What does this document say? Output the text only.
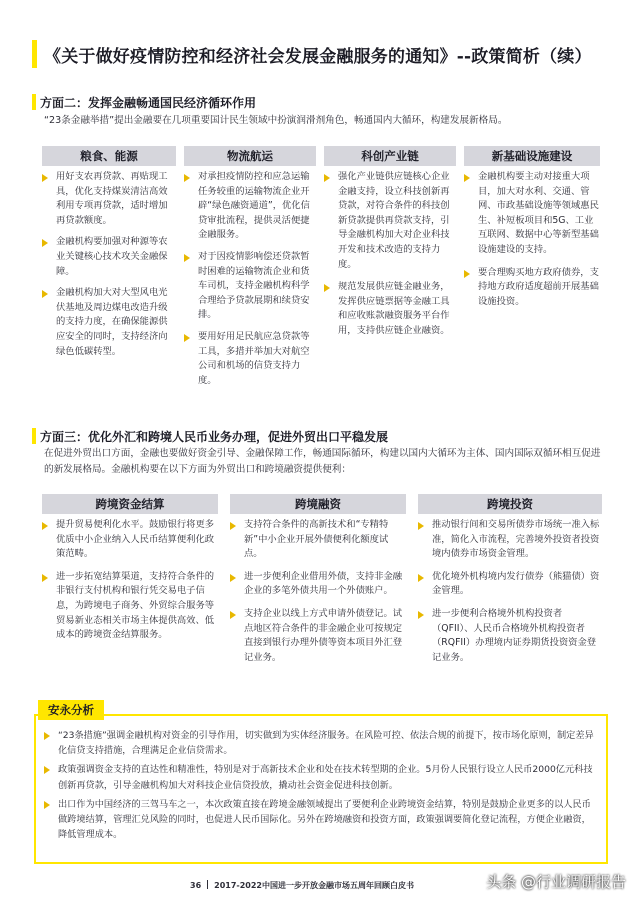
《关于做好疫情防控和经济社会发展金融服务的通知》--政策简析（续）
方面二：发挥金融畅通国民经济循环作用
“23条金融举措”提出金融要在几项重要国计民生领域中扮演润滑剂角色，畅通国内大循环，构建发展新格局。
粮食、能源	物流航运	科创产业链	新基础设施建设
用好支农再贷款、再贴现工具，优化支持煤炭清洁高效利用专项再贷款，适时增加再贷款额度。
金融机构要加强对种源等农业关键核心技术攻关金融保障。
金融机构加大对大型风电光伏基地及周边煤电改造升级的支持力度，在确保能源供应安全的同时，支持经济向绿色低碳转型。
对承担疫情防控和应急运输任务较重的运输物流企业开辟“绿色融资通道”，优化信贷审批流程，提供灵活便捷金融服务。
对于因疫情影响偿还贷款暂时困难的运输物流企业和货车司机，支持金融机构科学合理给予贷款展期和续贷安排。
要用好用足民航应急贷款等工具，多措并举加大对航空公司和机场的信贷支持力度。
强化产业链供应链核心企业金融支持，设立科技创新再贷款，对符合条件的科技创新贷款提供再贷款支持，引导金融机构加大对企业科技开发和技术改造的支持力度。
规范发展供应链金融业务，发挥供应链票据等金融工具和应收账款融资服务平台作用，支持供应链企业融资。
金融机构要主动对接重大项目，加大对水利、交通、管网、市政基础设施等领域惠民生、补短板项目和5G、工业互联网、数据中心等新型基础设施建设的支持。
要合理购买地方政府债券，支持地方政府适度超前开展基础设施投资。
方面三：优化外汇和跨境人民币业务办理，促进外贸出口平稳发展
在促进外贸出口方面，金融也要做好资金引导、金融保障工作，畅通国际循环，构建以国内大循环为主体、国内国际双循环相互促进的新发展格局。金融机构要在以下方面为外贸出口和跨境融资提供便利：
跨境资金结算	跨境融资	跨境投资
提升贸易便利化水平。鼓励银行将更多优质中小企业纳入人民币结算便利化政策范畴。
进一步拓宽结算渠道，支持符合条件的非银行支付机构和银行凭交易电子信息，为跨境电子商务、外贸综合服务等贸易新业态相关市场主体提供高效、低成本的跨境资金结算服务。
支持符合条件的高新技术和“专精特新”中小企业开展外债便利化额度试点。
进一步便利企业借用外债，支持非金融企业的多笔外债共用一个外债账户。
支持企业以线上方式申请外债登记。试点地区符合条件的非金融企业可按规定直接到银行办理外债等资本项目外汇登记业务。
推动银行间和交易所债券市场统一准入标准，简化入市流程，完善境外投资者投资境内债券市场资金管理。
优化境外机构境内发行债券（熊猫债）资金管理。
进一步便利合格境外机构投资者（QFII）、人民币合格境外机构投资者（RQFII）办理境内证券期货投资资金登记业务。
“23条措施”强调金融机构对资金的引导作用，切实做到为实体经济服务。在风险可控、依法合规的前提下，按市场化原则，制定差异化信贷支持措施，合理满足企业信贷需求。
政策强调资金支持的直达性和精准性，特别是对于高新技术企业和处在技术转型期的企业。5月份人民银行设立人民币2000亿元科技创新再贷款，引导金融机构加大对科技企业信贷投放，撬动社会资金促进科技创新。
出口作为中国经济的三驾马车之一，本次政策直接在跨境金融领域提出了要便利企业跨境资金结算，特别是鼓励企业更多的以人民币做跨境结算，管理汇兑风险的同时，也促进人民币国际化。另外在跨境融资和投资方面，政策强调要简化登记流程，方便企业融资，降低管理成本。
安永分析
36 2017-2022中国进一步开放金融市场五周年回顾白皮书	头条 @行业调研报告
